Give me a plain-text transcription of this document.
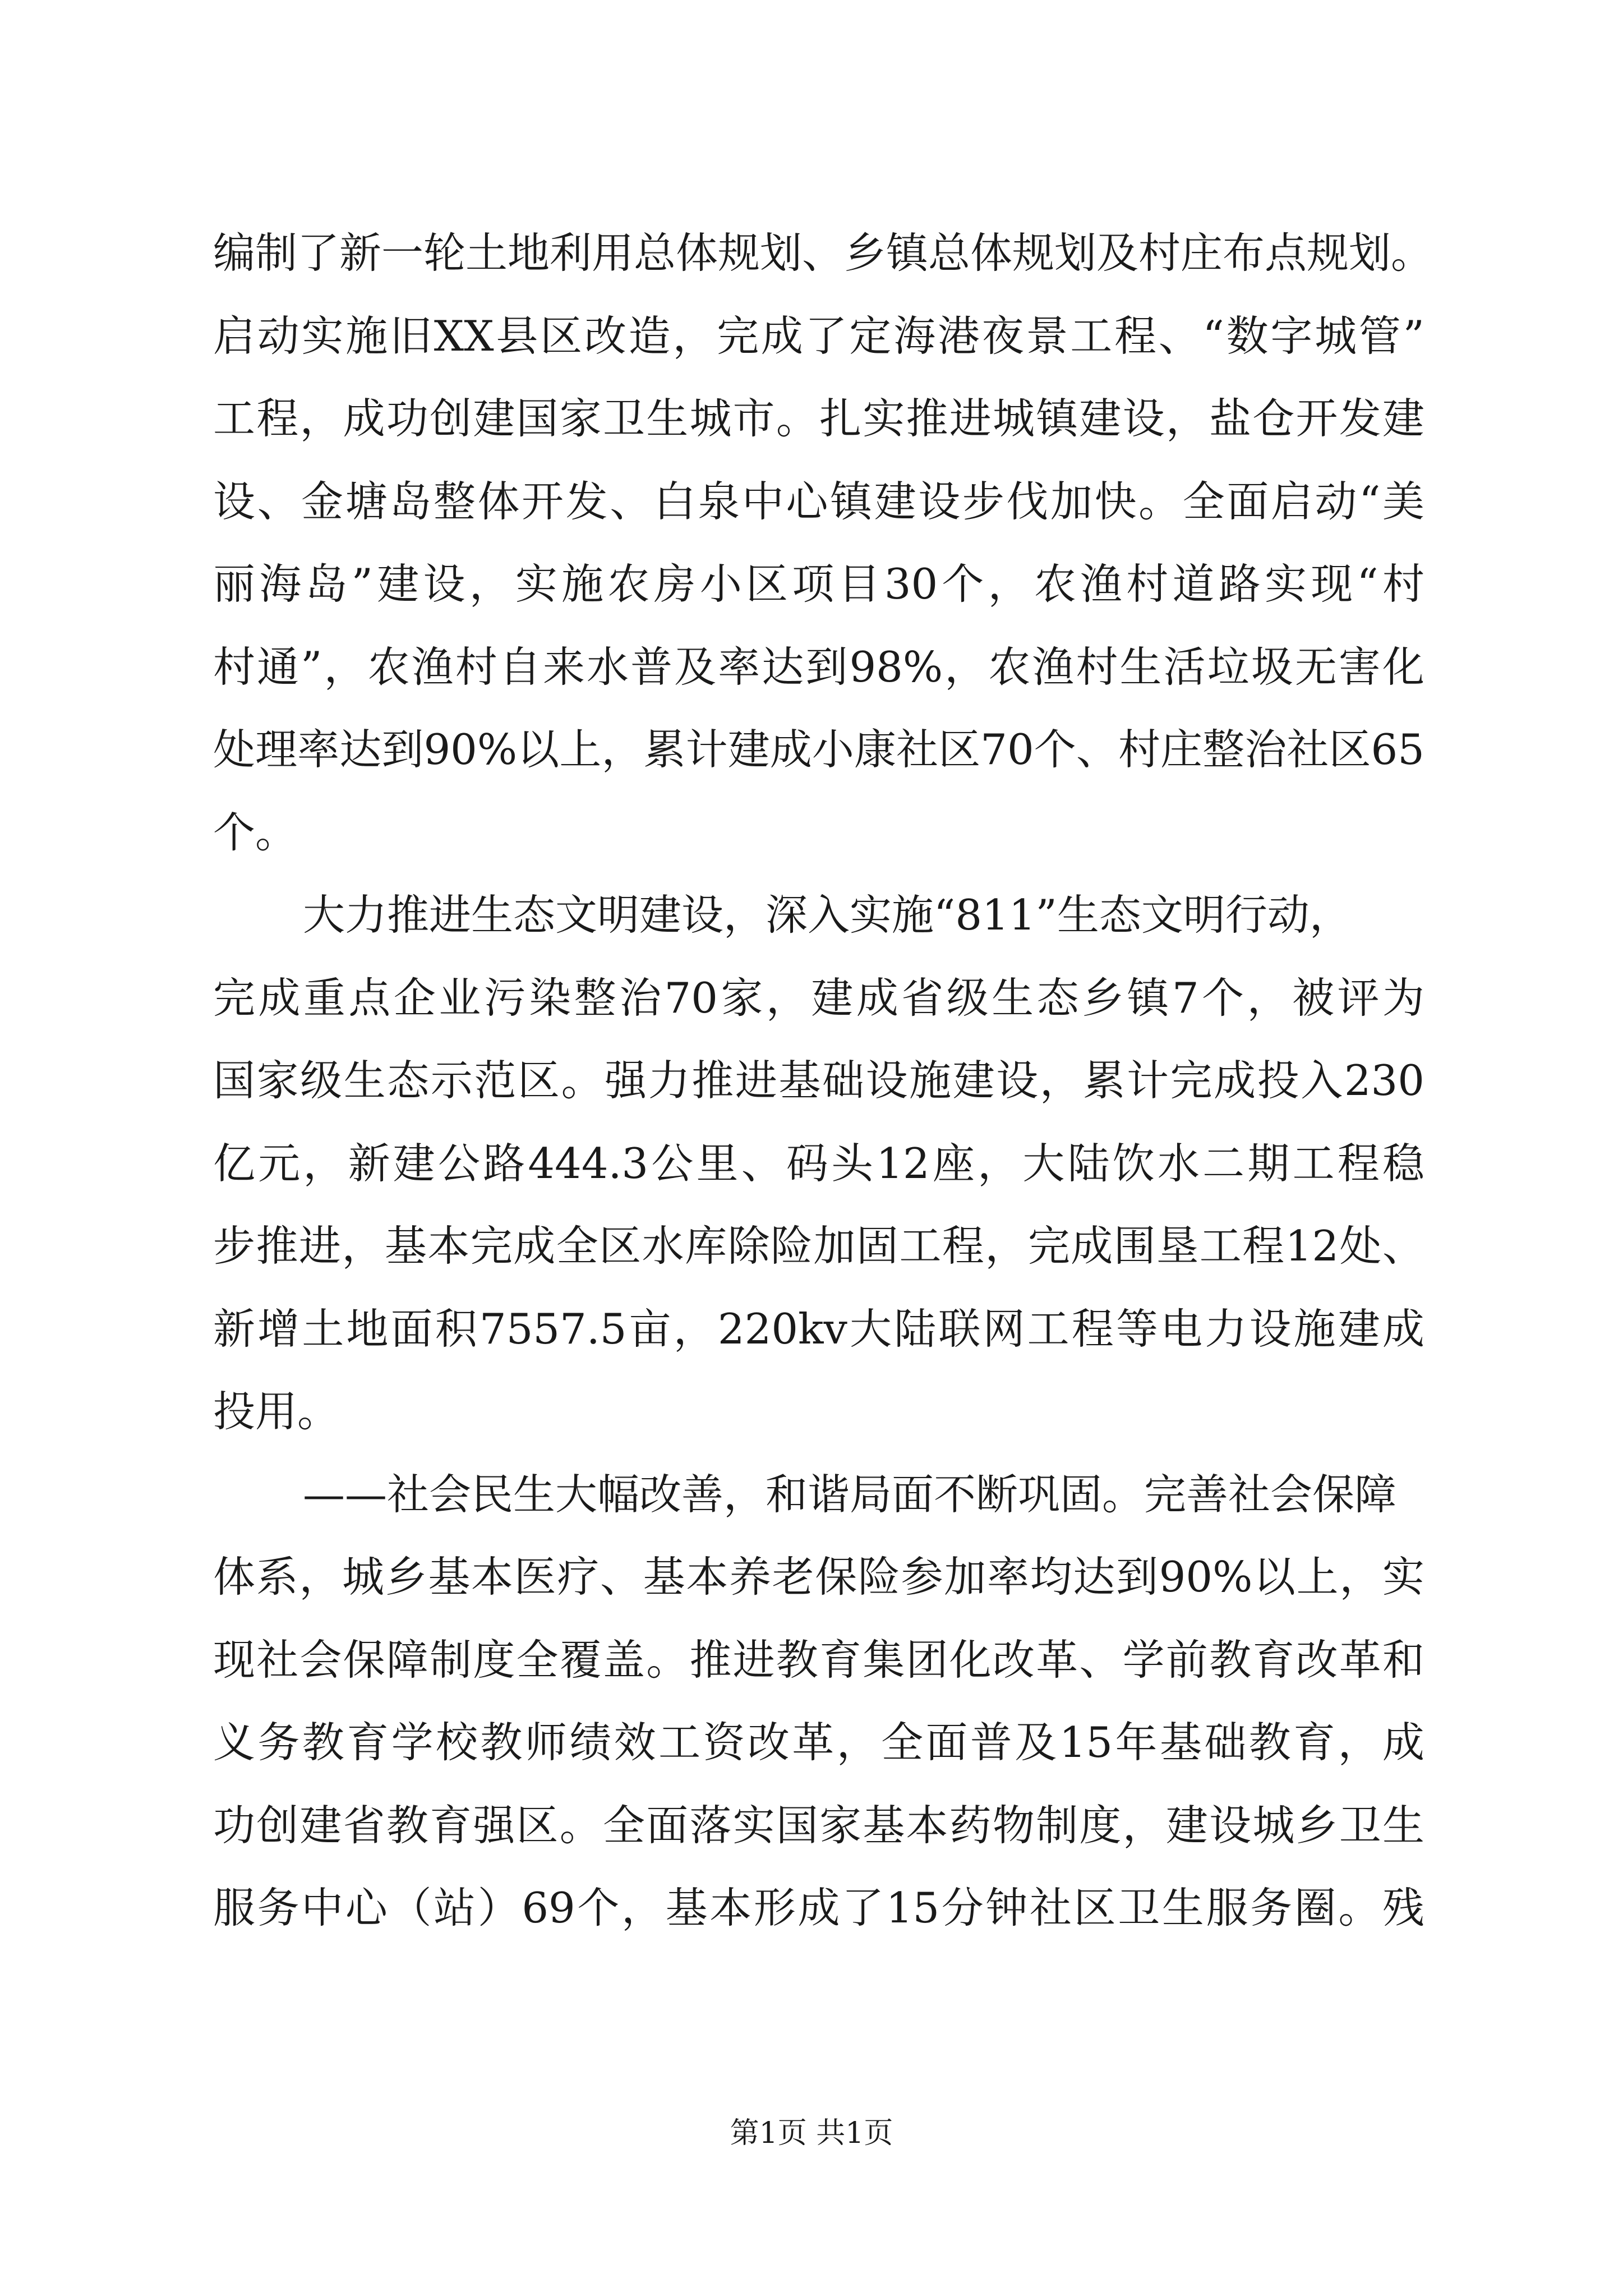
编制了新一轮土地利用总体规划、乡镇总体规划及村庄布点规划。
启动实施旧XX县区改造，完成了定海港夜景工程、“数字城管”
工程，成功创建国家卫生城市。扎实推进城镇建设，盐仓开发建
设、金塘岛整体开发、白泉中心镇建设步伐加快。全面启动“美
丽海岛”建设，实施农房小区项目30个，农渔村道路实现“村
村通”，农渔村自来水普及率达到98%，农渔村生活垃圾无害化
处理率达到90%以上，累计建成小康社区70个、村庄整治社区65
个。
大力推进生态文明建设，深入实施“811”生态文明行动，
完成重点企业污染整治70家，建成省级生态乡镇7个，被评为
国家级生态示范区。强力推进基础设施建设，累计完成投入230
亿元，新建公路444.3公里、码头12座，大陆饮水二期工程稳
步推进，基本完成全区水库除险加固工程，完成围垦工程12处、
新增土地面积7557.5亩，220kv大陆联网工程等电力设施建成
投用。
——社会民生大幅改善，和谐局面不断巩固。完善社会保障
体系，城乡基本医疗、基本养老保险参加率均达到90%以上，实
现社会保障制度全覆盖。推进教育集团化改革、学前教育改革和
义务教育学校教师绩效工资改革，全面普及15年基础教育，成
功创建省教育强区。全面落实国家基本药物制度，建设城乡卫生
服务中心（站）69个，基本形成了15分钟社区卫生服务圈。残
第1页 共1页
